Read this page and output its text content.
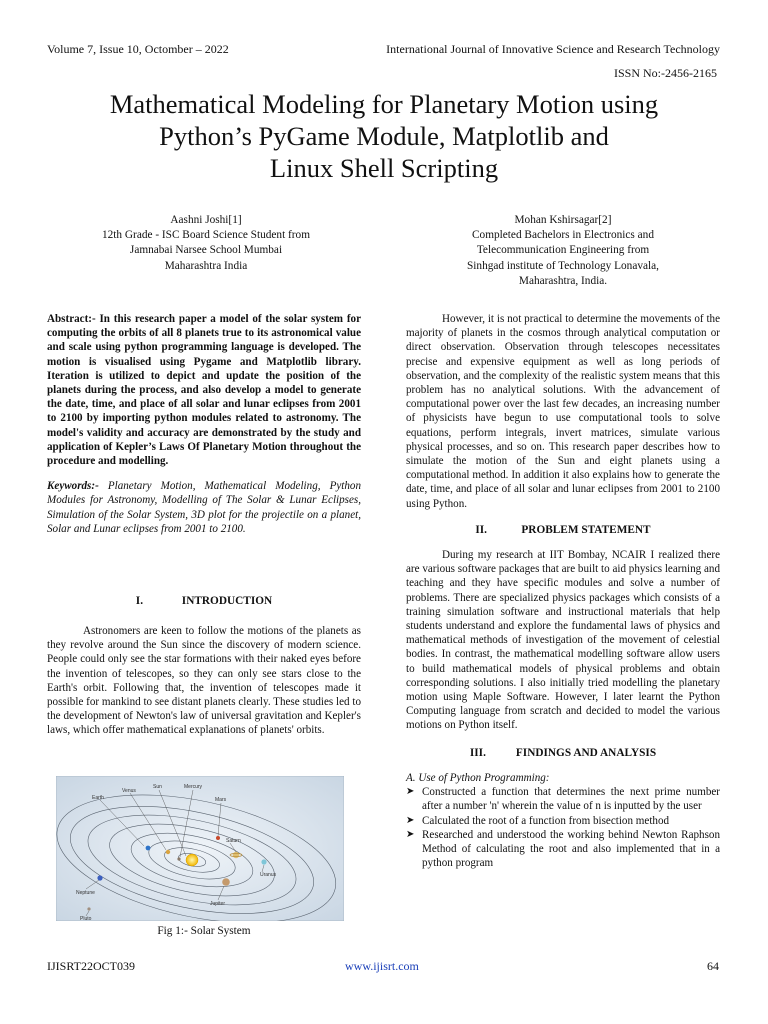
Volume 7, Issue 10, Octomber – 2022	International Journal of Innovative Science and Research Technology
ISSN No:-2456-2165
Mathematical Modeling for Planetary Motion using
Python’s PyGame Module, Matplotlib and
Linux Shell Scripting
Aashni Joshi[1]
12th Grade - ISC Board Science Student from
Jamnabai Narsee School Mumbai
Maharashtra India
Mohan Kshirsagar[2]
Completed Bachelors in Electronics and
Telecommunication Engineering from
Sinhgad institute of Technology Lonavala,
Maharashtra, India.

Abstract:- In this research paper a model of the solar system for computing the orbits of all 8 planets true to its astronomical value and scale using python programming language is developed. The motion is visualised using Pygame and Matplotlib library. Iteration is utilized to depict and update the position of the planets during the process, and also develop a model to generate the date, time, and place of all solar and lunar eclipses from 2001 to 2100 by importing python modules related to astronomy. The model's validity and accuracy are demonstrated by the study and application of Kepler’s Laws Of Planetary Motion throughout the procedure and modelling.

Keywords:- Planetary Motion, Mathematical Modeling, Python Modules for Astronomy, Modelling of The Solar & Lunar Eclipses, Simulation of the Solar System, 3D plot for the projectile on a planet, Solar and Lunar eclipses from 2001 to 2100.

I.	INTRODUCTION

Astronomers are keen to follow the motions of the planets as they revolve around the Sun since the discovery of modern science. People could only see the star formations with their naked eyes before the invention of telescopes, so they can only see stars close to the Earth's orbit. Following that, the invention of telescopes made it possible for mankind to see distant planets clearly. These studies led to the development of Newton's law of universal gravitation and Kepler's laws, which offer mathematical explanations of planets' orbits.

Earth
Venus
Sun	Mercury
Mars
Saturn
Uranus
Neptune
Jupiter
Pluto
Fig 1:- Solar System

However, it is not practical to determine the movements of the majority of planets in the cosmos through analytical computation or direct observation. Observation through telescopes necessitates precise and expensive equipment as well as long periods of observation, and the complexity of the realistic system means that this problem has no analytical solutions. With the advancement of computational power over the last few decades, an increasing number of physicists have begun to use computational tools to solve equations, perform integrals, invert matrices, simulate various physical processes, and so on. This research paper describes how to simulate the motion of the Sun and eight planets using a computational method. In addition it also explains how to generate the date, time, and place of all solar and lunar eclipses from 2001 to 2100 using Python.

II.	PROBLEM STATEMENT

During my research at IIT Bombay, NCAIR I realized there are various software packages that are built to aid physics learning and teaching and they have specific modules and solve a number of problems. There are specialized physics packages which consists of a training simulation software and instructional materials that help students understand and explore the fundamental laws of physics and mathematical methods of investigation of the movement of celestial bodies. In contrast, the mathematical modelling software allow users to build mathematical models of physical problems and obtain corresponding solutions. I also initially tried modelling the planetary motion using Maple Software. However, I later learnt the Python Computing language from scratch and decided to model the various motions on Python itself.

III.	FINDINGS AND ANALYSIS

A. Use of Python Programming:

➤ Constructed a function that determines the next prime number after a number 'n' wherein the value of n is inputted by the user
➤ Calculated the root of a function from bisection method
➤ Researched and understood the working behind Newton Raphson Method of calculating the root and also implemented that in a python program
IJISRT22OCT039	www.ijisrt.com	64
